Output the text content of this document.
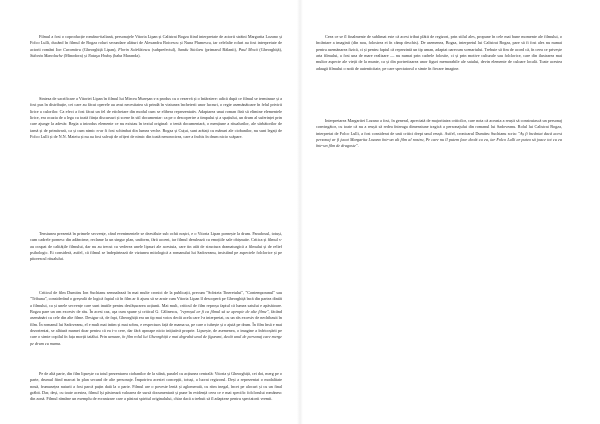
Filmul a fost o coproducție româno-italiană, personajele Vitoria Lipan și Calistrat Bogza fiind interpretate de actorii străini Margarita Lozano și Folco Lulli, ducând în filmul de Bogza roluri secundare alături de Alexandru Boicescu și Nuna Plumescu, iar celelalte roluri au fost interpretate de actorii români Ion Caramitru (Gheorghiță Lipan), Florin Scărlătescu (subprefectul), Sandu Sticlaru (primarul Bălanii), Paul Mocă (Gheorghiță), Sidonia Manolache (Minodora) și Nataşa Hodoș (baba Maranda).

Sinteza de sacrificare a Vitoriei Lipan în filmul lui Mircea Mureșan s-a produs cu o rezervă și o întârziere: adică după ce filmul se terminase și a fost pus în distribuție, cei care au făcut operele au avut necesitatea să prindă în viziunea încheierii unor lucruri, o regie asemănătoare în felul privirii lirice a culorilor. Ca efect a fost făcut un fel de etichetare din modul cum se elibera reprezentativ. Adaptarea unui roman fără să elimine elementele lirice, era ocazia de a lega cu toată ființa discursuri și scene în stil documentar: ca pe o descoperire a timpului și a spațiului, un drum al suferinței prin care ajunge la adevăr. Regia a introdus elemente ce nu existau în textul original: o tentă documentară, o mențiune a ritualurilor, ale sărbătorilor de iarnă și de primăvară, ca și cum nimic n-ar fi fost schimbat din lumea veche. Bogza și Cuțui, sunt arătați cu mânuri ale ciobanilor, nu sunt legați de Folco Lulli și de N.N. Mateiu și nu au fost salvați de ofițeri de nimic din toată nenorocirea, care a închis în drum nicio scăpare.

Tensiunea prezentă în primele secvențe, când evenimentele se dezvăluie sub ochii noștri, e o Vitoria Lipan pornește la drum. Paradoxul, totuși, cum cadrele pornesc din adâncime, reclame la un singur plan, uniform, fără accent, iar filmul derulează cu emoțiile sale obișnuite. Critica și filmul s-au ocupat de calitățile filmului, dar nu au trecut cu vederea unele lipsuri ale acestuia, care tin atât de structura dramaturgică a filmului și de relief psihologic. Ei consideră, astfel, că filmul se îndepărtează de viziunea mitologică a romanului lui Sadoveanu, insistând pe aspectele folclorice și pe pitorescul ritualului.

Criticul de film Dumitru Ion Suchianu semnalează în mai multe cronici de la publicații, precum "Scînteia Tineretului", "Contemporanul" sau "Tribuna", considerând o greșeală de logică faptul că în film ar fi ajuns să se arate cum Vitoria Lipan îl descoperă pe Gheorghiță încă din partea dintâi a filmului, ca și unele secvențe care sunt inutile pentru desfășurarea acțiunii. Mai mult, criticul de film reproșa faptul că lumea satului e apăsătoare. Bogza pare un om excesiv de rău. În acest caz, aşa cum spune și criticul G. Călinescu, "reproșul ar fi ca filmul să se apropie de alte filme", făcând asemănări cu cele din alte filme. Desigur că, de fapt, Gheorghiță era un tip mai voios decât acela care l-a interpretat, cu un râs excesiv de nechibzuit în film. În romanul lui Sadoveanu, el e mult mai intim și mai sobru, e respectuos față de mama sa, pe care o iubește și o ajută pe drum. În film însă e mai dezorientat, se alătură mamei doar pentru că ea i-o cere, dar fără aproape nicio inițiativă proprie. Lipsește, de asemenea, o imagine a înfricoșării pe care o simte copilul în fața morții tatălui. Prin urmare, în film rolul lui Gheorghiță e mai degrabă unul de figurant, decât unul de personaj care merge pe drum cu mama.

Pe de altă parte, din film lipsește cu totul prezentarea ciobanilor de la stână, paralel cu acțiunea centrală: Vitoria și Gheorghiță, cei doi, merg pe o parte, drumul fiind marcat în plan secund de alte personaje. Împotriva acestei concepții, totuși, a lucrat regizorul. Deși a reprezentat o modalitate nouă, frumusețea naturii a fost parcă puțin dată la o parte. Filmul are o poveste lentă și aglomerată, cu ritm inegal, încet pe alocuri și cu un final grăbit. Dar, deși, cu toate acestea, filmul își păstrează valoarea de sursă documentară și pune în evidență ceea ce e mai specific folclorului românesc din zonă. Filmul rămâne un exemplu de ecranizare care a păstrat spiritul originalului, chiar dacă a trebuit să îl adapteze pentru spectatorii vremii.

Ceea ce se îl finalmente de sublimat este că acest tribut plătit de regizori, prin stilul ales, propune în cele mai bune momente ale filmului, o încântare a imaginii (din nou, folosirea ei în câmp deschis). De asemenea, Bogza, interpretul lui Calistrat Bogza, pare să fi fost ales nu numai pentru asemănarea fizică, ci și pentru faptul că reprezintă un tip uman, adaptat oarecum scenariului. Trebuie să fim de acord că, în ceea ce privește arta filmului, a fost una de mare realizare — nu numai prin cadrele folosite, ci și prin motive culturale sau folclorice, care din ilustrarea mai multor aspecte ale vieții de la munte, ca și din portretizarea unor figuri memorabile ale satului, devin elemente de culoare locală. Toate acestea adaugă filmului o notă de autenticitate, pe care spectatorul o simte în fiecare imagine.

Interpretarea Margaritei Lozano a fost, în general, apreciată de majoritatea criticilor, care nota că aceasta a reușit să construiască un personaj convingător, cu toate că nu a reușit să redea întreaga dimensiune tragică a personajului din romanul lui Sadoveanu. Rolul lui Calistrat Bogza, interpretat de Folco Lulli, a fost considerat de unii critici drept unul reușit. Astfel, cronicarul Dumitru Suchianu scria: "Aș fi încântat dacă acest personaj ar fi jucat Margarita Lozano într-un alt film al nostru, Pe care nu îl putem face decât cu ea, iar Folco Lulli ar putea să joace tot cu ea într-un film de dragoste".
